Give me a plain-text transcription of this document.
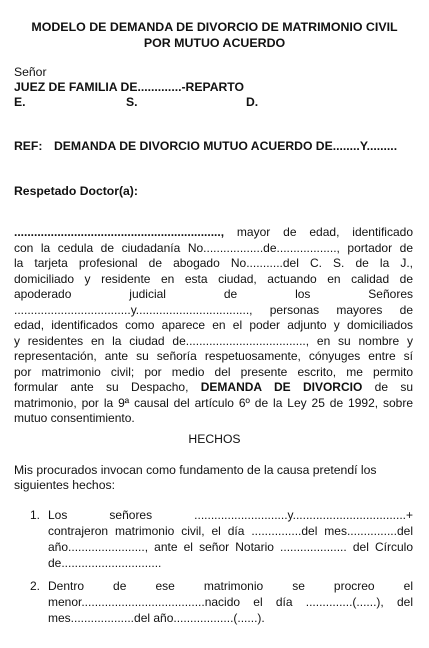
MODELO DE DEMANDA DE DIVORCIO DE MATRIMONIO CIVIL
POR MUTUO ACUERDO
Señor
JUEZ DE FAMILIA DE.............-REPARTO
E.	S.	D.
REF: DEMANDA DE DIVORCIO MUTUO ACUERDO DE........Y.........
Respetado Doctor(a):
.............................................................., mayor de edad, identificado
con la cedula de ciudadanía No..................de.................., portador de
la tarjeta profesional de abogado No...........del C. S. de la J.,
domiciliado y residente en esta ciudad, actuando en calidad de
apoderado judicial de los Señores
...................................y.................................., personas mayores de
edad, identificados como aparece en el poder adjunto y domiciliados
y residentes en la ciudad de...................................., en su nombre y
representación, ante su señoría respetuosamente, cónyuges entre sí
por matrimonio civil; por medio del presente escrito, me permito
formular ante su Despacho, DEMANDA DE DIVORCIO de su
matrimonio, por la 9ª causal del artículo 6º de la Ley 25 de 1992, sobre
mutuo consentimiento.
HECHOS
Mis procurados invocan como fundamento de la causa pretendí los
siguientes hechos:
1. Los señores ............................y..................................+
contrajeron matrimonio civil, el día ...............del mes...............del
año......................., ante el señor Notario .................... del Círculo
de..............................
2. Dentro de ese matrimonio se procreo el
menor.....................................nacido el día ..............(......), del
mes...................del año..................(......).
